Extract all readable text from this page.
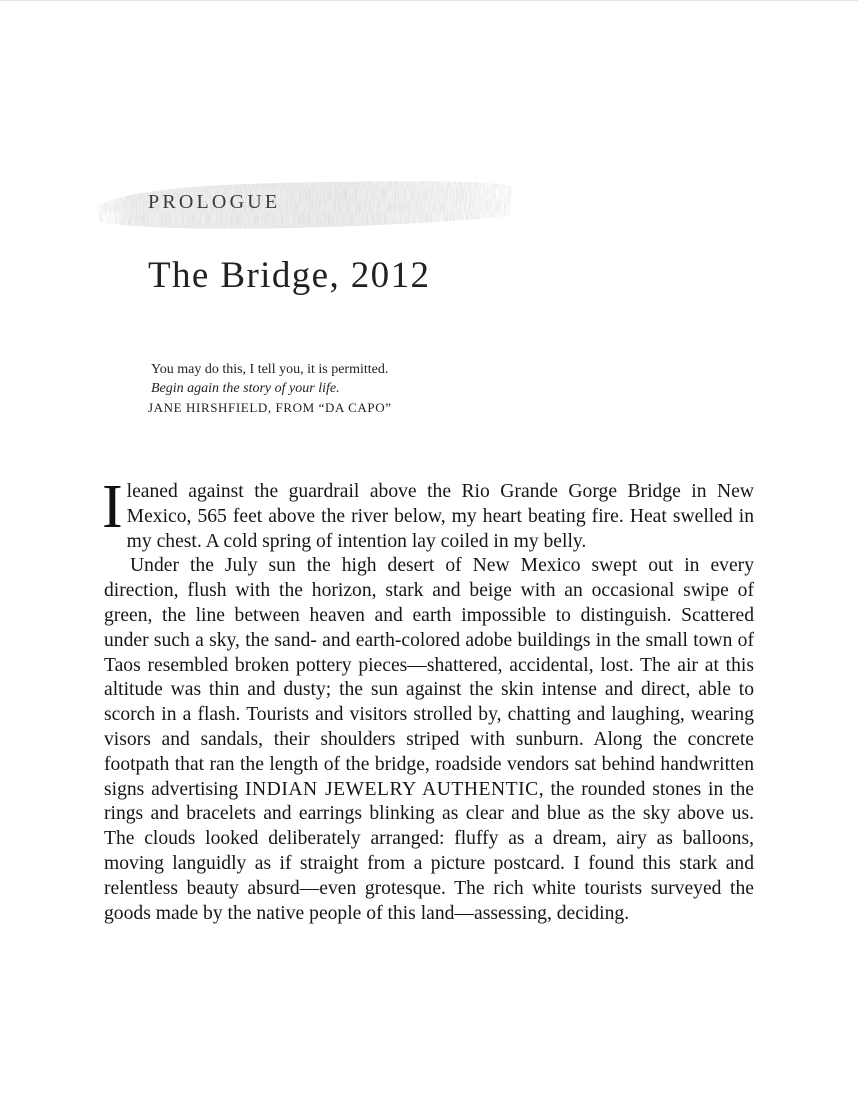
PROLOGUE
The Bridge, 2012
You may do this, I tell you, it is permitted.
Begin again the story of your life.
JANE HIRSHFIELD, FROM “DA CAPO”

Ileaned against the guardrail above the Rio Grande Gorge Bridge in New Mexico, 565 feet above the river below, my heart beating fire. Heat swelled in my chest. A cold spring of intention lay coiled in my belly.

Under the July sun the high desert of New Mexico swept out in every direction, flush with the horizon, stark and beige with an occasional swipe of green, the line between heaven and earth impossible to distinguish. Scattered under such a sky, the sand- and earth-colored adobe buildings in the small town of Taos resembled broken pottery pieces—shattered, accidental, lost. The air at this altitude was thin and dusty; the sun against the skin intense and direct, able to scorch in a flash. Tourists and visitors strolled by, chatting and laughing, wearing visors and sandals, their shoulders striped with sunburn. Along the concrete footpath that ran the length of the bridge, roadside vendors sat behind handwritten signs advertising INDIAN JEWELRY AUTHENTIC, the rounded stones in the rings and bracelets and earrings blinking as clear and blue as the sky above us. The clouds looked deliberately arranged: fluffy as a dream, airy as balloons, moving languidly as if straight from a picture postcard. I found this stark and relentless beauty absurd—even grotesque. The rich white tourists surveyed the goods made by the native people of this land—assessing, deciding.
